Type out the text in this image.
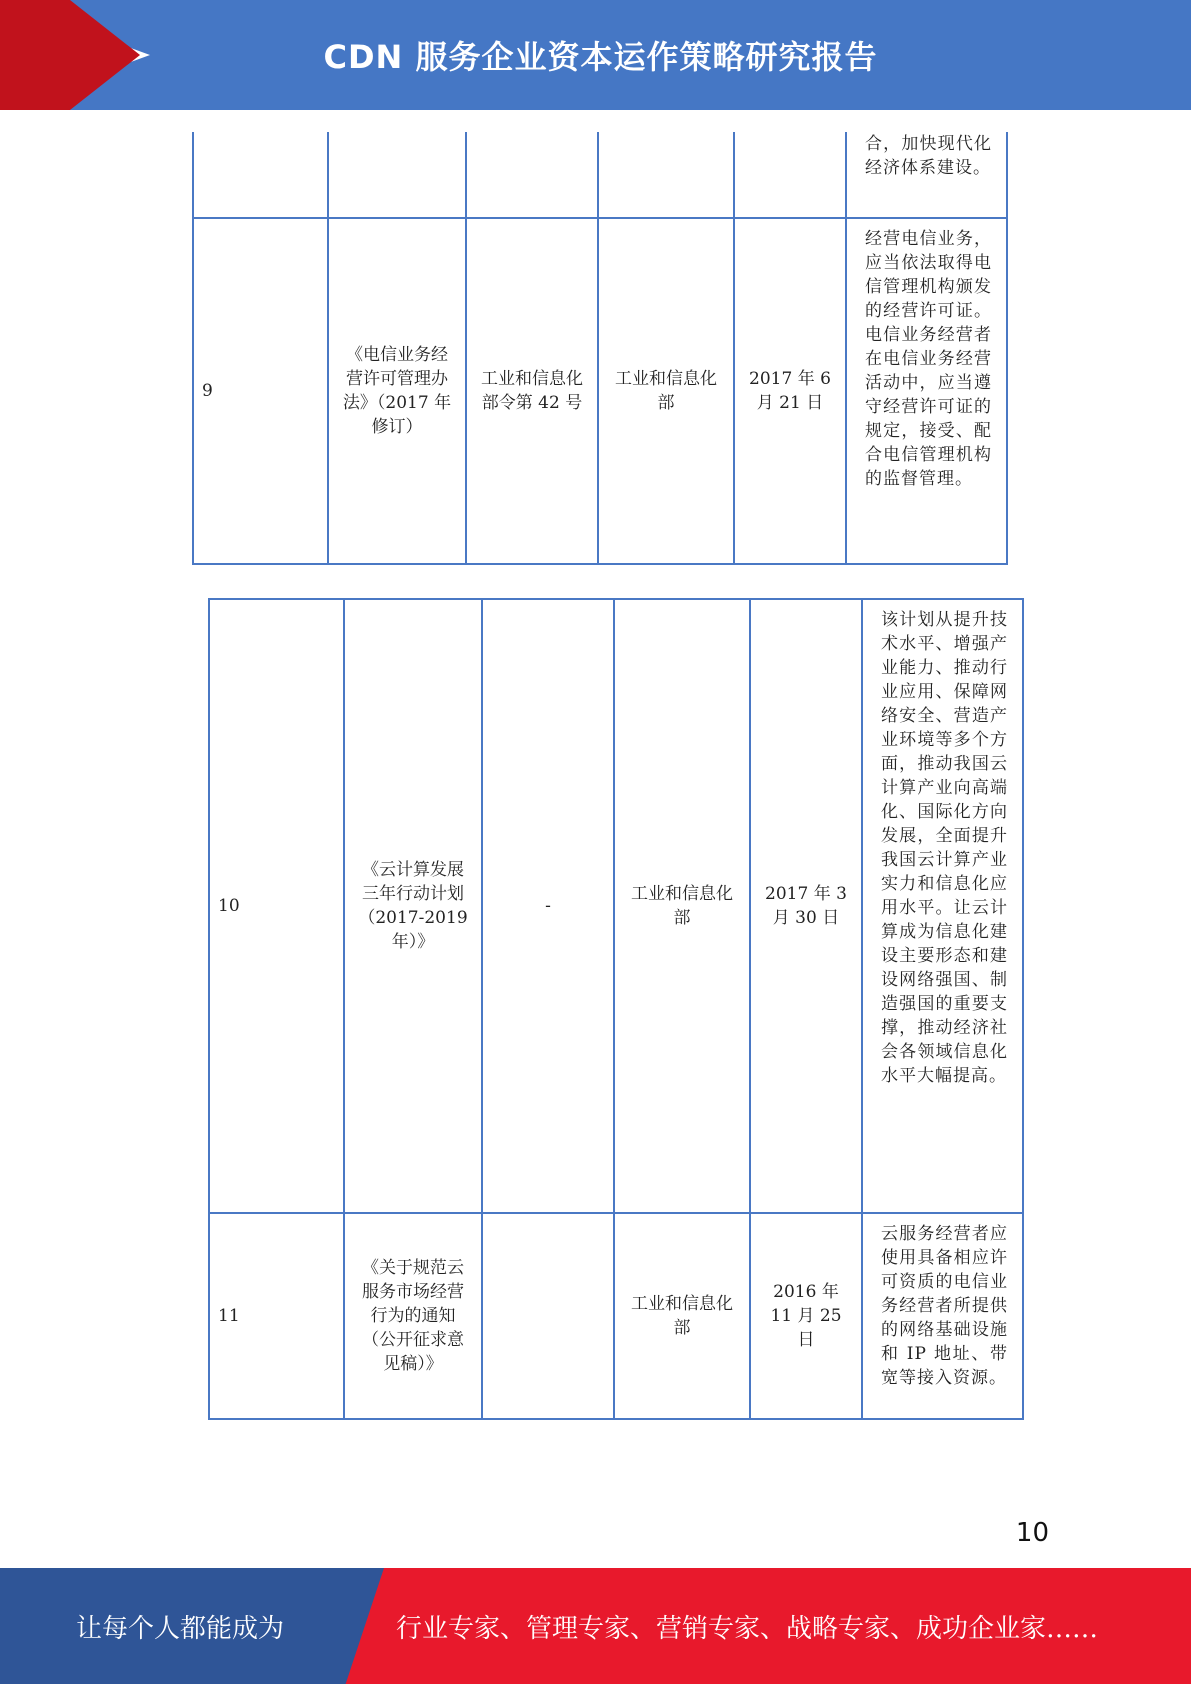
CDN 服务企业资本运作策略研究报告
					合，加快现代化经济体系建设。
9	《电信业务经营许可管理办法》（2017 年修订）	工业和信息化部令第 42 号	工业和信息化部	2017 年 6 月 21 日	经营电信业务，应当依法取得电信管理机构颁发的经营许可证。电信业务经营者在电信业务经营活动中，应当遵守经营许可证的规定，接受、配合电信管理机构的监督管理。
10	《云计算发展三年行动计划（2017-2019 年）》	-	工业和信息化部	2017 年 3 月 30 日	该计划从提升技术水平、增强产业能力、推动行业应用、保障网络安全、营造产业环境等多个方面，推动我国云计算产业向高端化、国际化方向发展，全面提升我国云计算产业实力和信息化应用水平。让云计算成为信息化建设主要形态和建设网络强国、制造强国的重要支撑，推动经济社会各领域信息化水平大幅提高。
11	《关于规范云服务市场经营行为的通知（公开征求意见稿）》		工业和信息化部	2016 年 11 月 25 日	云服务经营者应使用具备相应许可资质的电信业务经营者所提供的网络基础设施和 IP 地址、带宽等接入资源。
10
让每个人都能成为	行业专家、管理专家、营销专家、战略专家、成功企业家……
